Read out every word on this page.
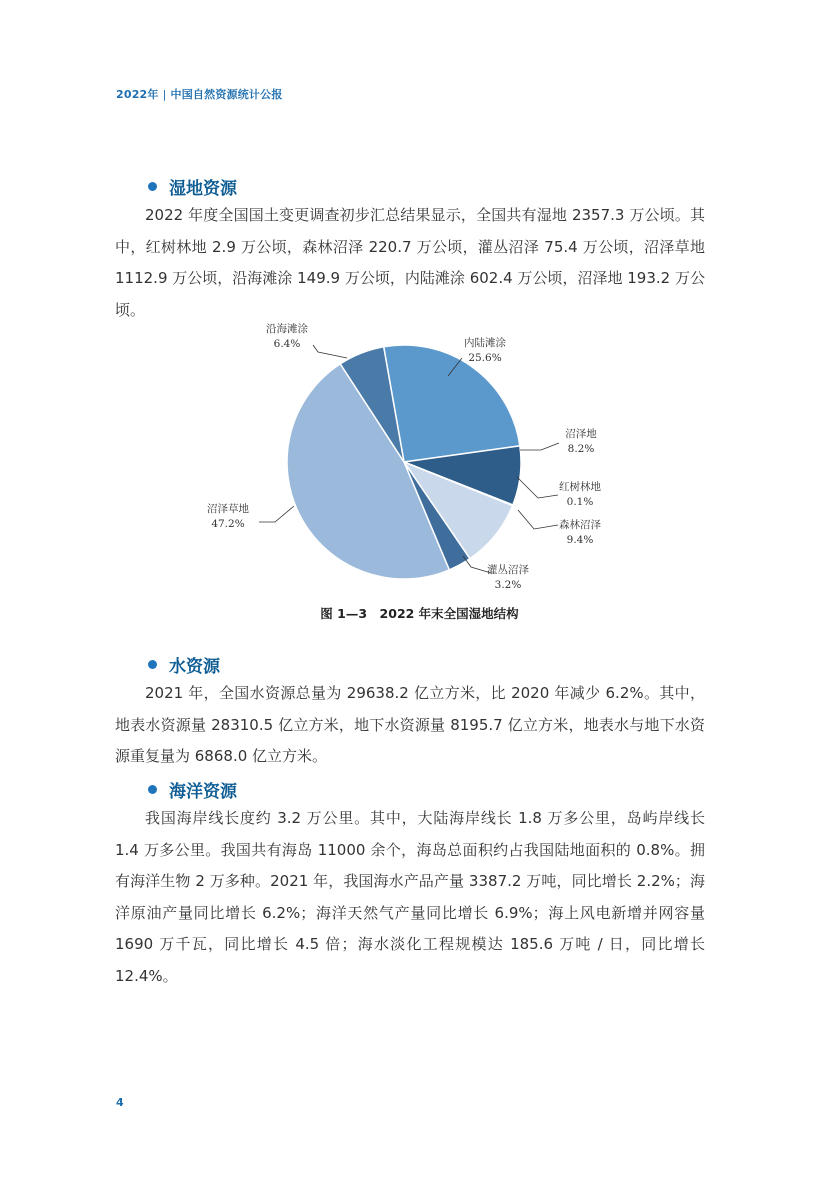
2022年 | 中国自然资源统计公报
湿地资源

2022 年度全国国土变更调查初步汇总结果显示，全国共有湿地 2357.3 万公顷。其中，红树林地 2.9 万公顷，森林沼泽 220.7 万公顷，灌丛沼泽 75.4 万公顷，沼泽草地 1112.9 万公顷，沿海滩涂 149.9 万公顷，内陆滩涂 602.4 万公顷，沼泽地 193.2 万公顷。

内陆滩涂
25.6%
沼泽地
8.2%
红树林地
0.1%
森林沼泽
9.4%
灌丛沼泽
3.2%
沼泽草地
47.2%
沿海滩涂
6.4%
图 1—3　2022 年末全国湿地结构
水资源

2021 年，全国水资源总量为 29638.2 亿立方米，比 2020 年减少 6.2%。其中，地表水资源量 28310.5 亿立方米，地下水资源量 8195.7 亿立方米，地表水与地下水资源重复量为 6868.0 亿立方米。

海洋资源

我国海岸线长度约 3.2 万公里。其中，大陆海岸线长 1.8 万多公里，岛屿岸线长 1.4 万多公里。我国共有海岛 11000 余个，海岛总面积约占我国陆地面积的 0.8%。拥有海洋生物 2 万多种。2021 年，我国海水产品产量 3387.2 万吨，同比增长 2.2%；海洋原油产量同比增长 6.2%；海洋天然气产量同比增长 6.9%；海上风电新增并网容量 1690 万千瓦，同比增长 4.5 倍；海水淡化工程规模达 185.6 万吨 / 日，同比增长 12.4%。

4
